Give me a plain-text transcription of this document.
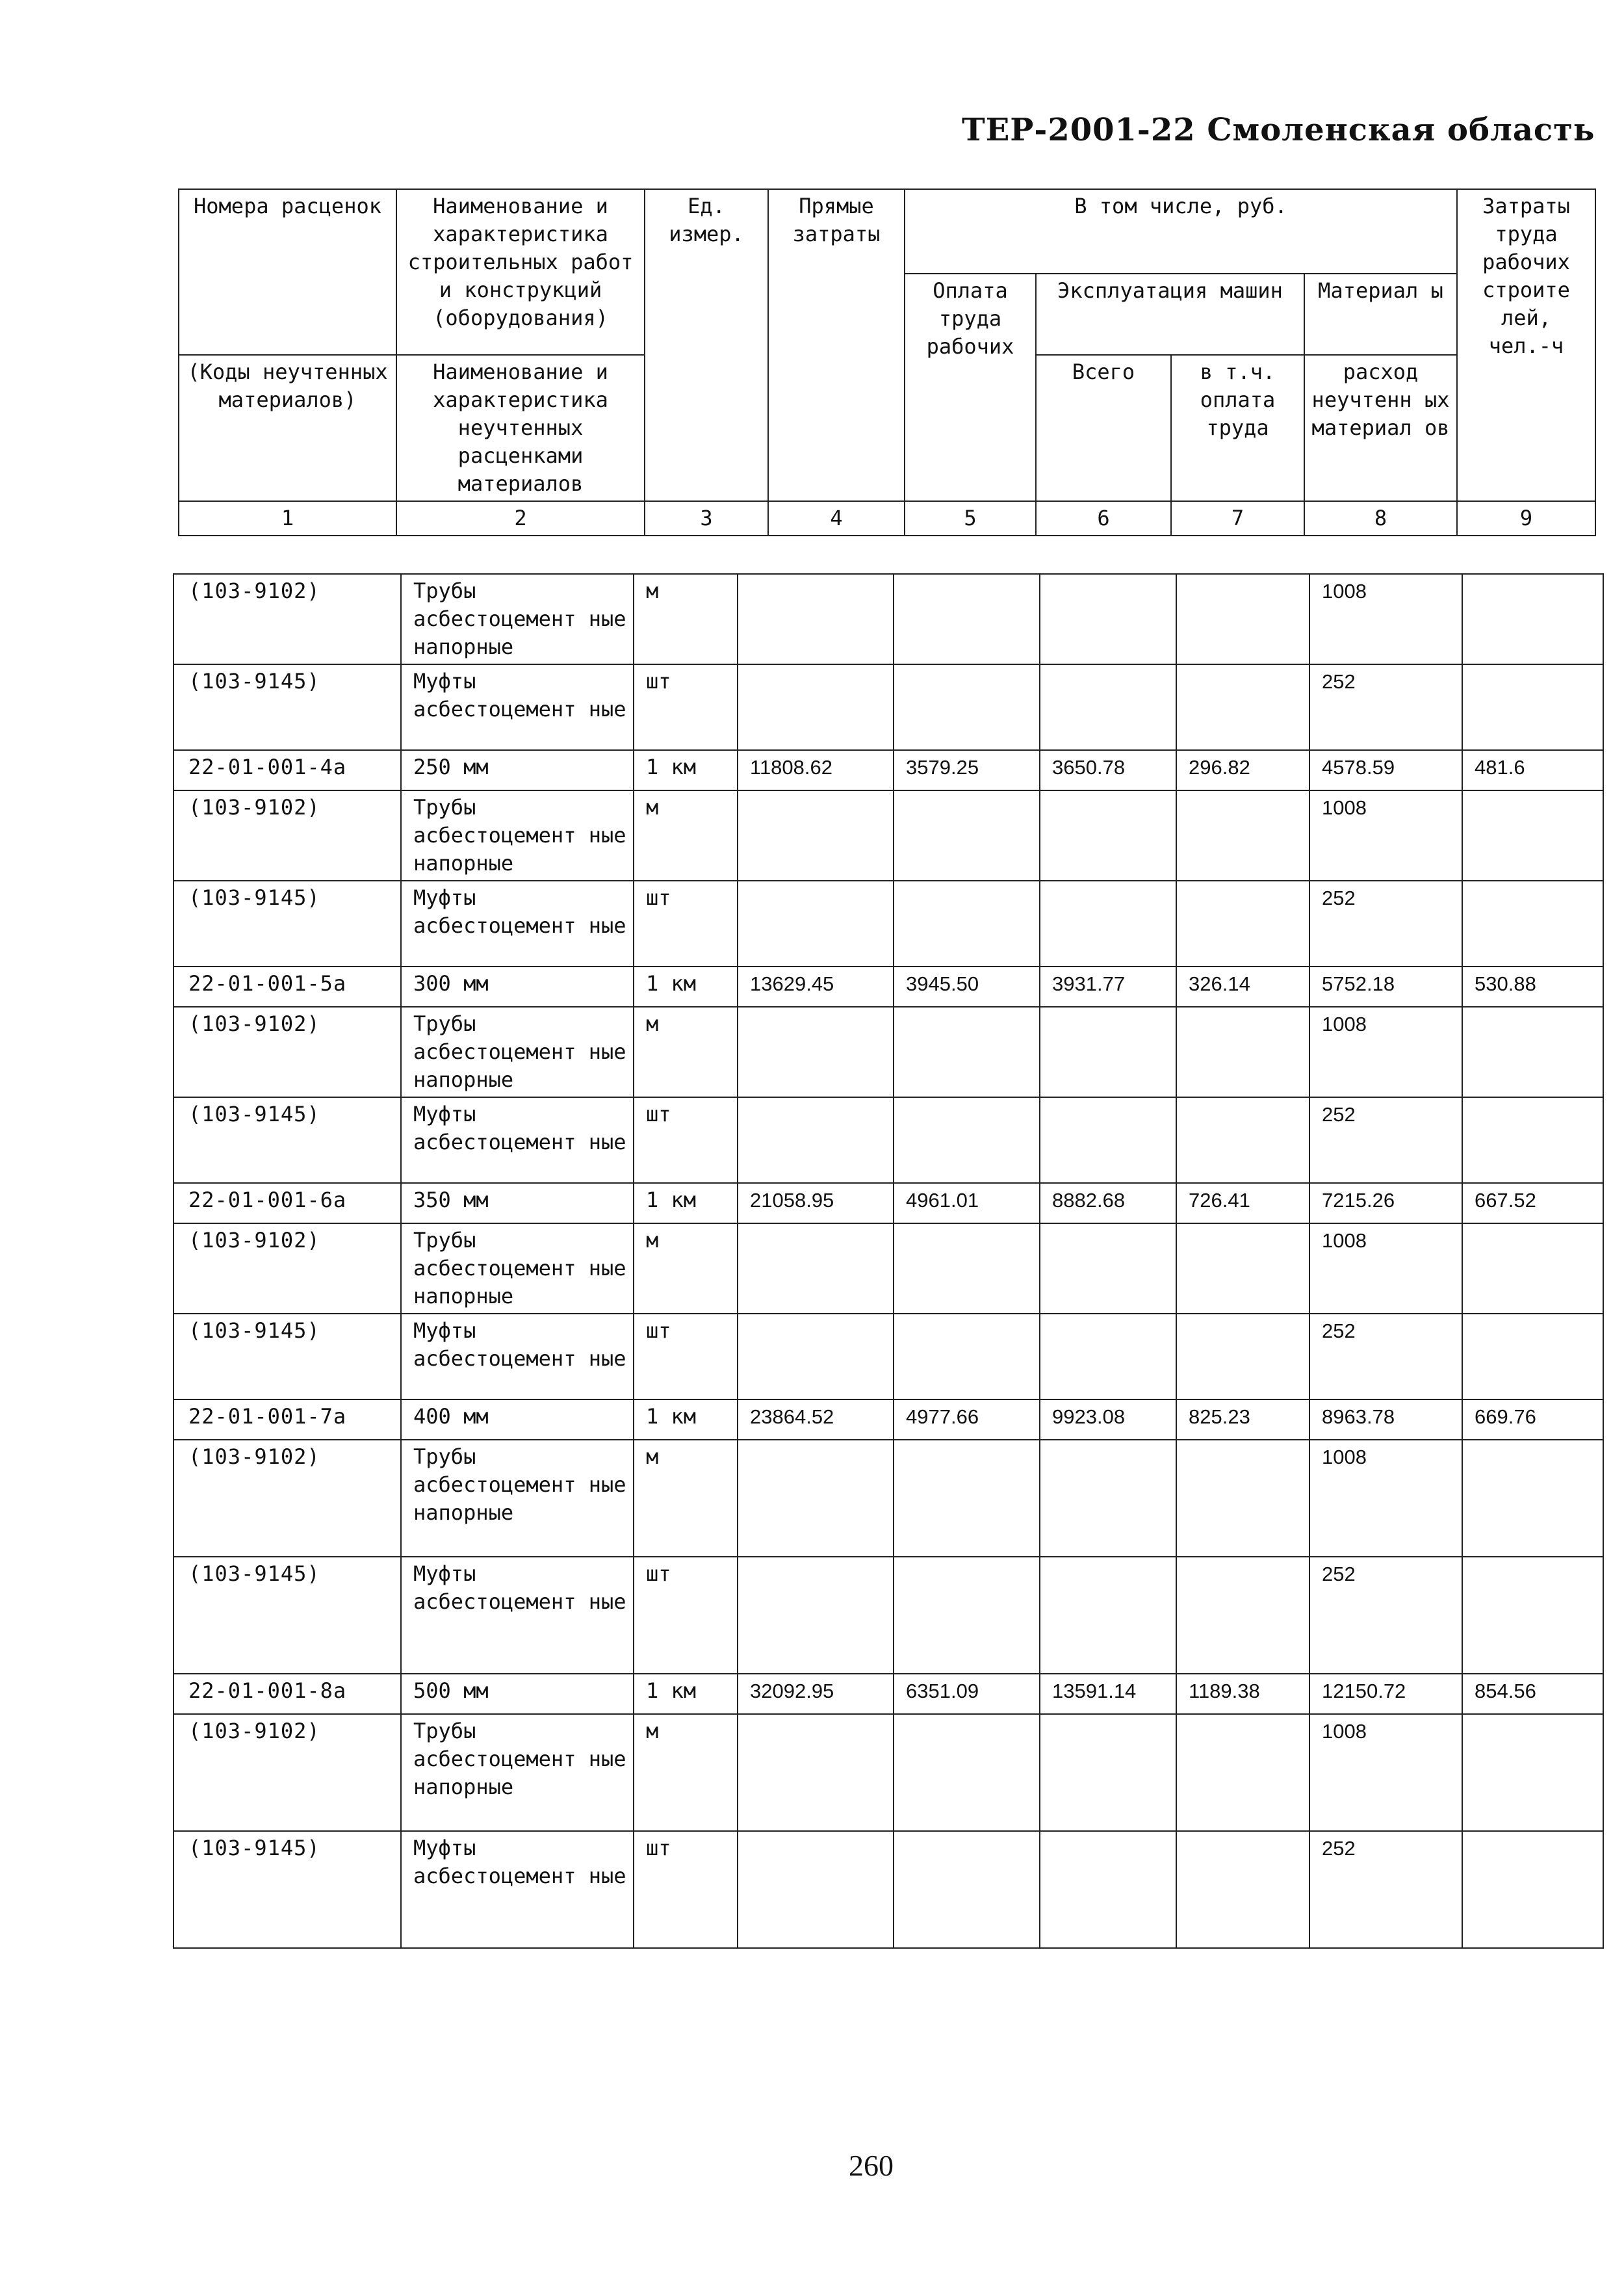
ТЕР-2001-22 Смоленская область
Номера расценок	Наименование и характеристика строительных работ и конструкций (оборудования)	Ед. измер.	Прямые затраты	В том числе, руб.				Затраты труда рабочих строите лей, чел.-ч
				Оплата труда рабочих	Эксплуатация машин		Материал ы	
(Коды неучтенных материалов)	Наименование и характеристика неучтенных расценками материалов				Всего	в т.ч. оплата труда	расход неучтенн ых материал ов	
1	2	3	4	5	6	7	8	9
(103-9102)	Трубы асбестоцемент ные напорные	м					1008	
(103-9145)	Муфты асбестоцемент ные	шт					252	
22-01-001-4а	250 мм	1 км	11808.62	3579.25	3650.78	296.82	4578.59	481.6
(103-9102)	Трубы асбестоцемент ные напорные	м					1008	
(103-9145)	Муфты асбестоцемент ные	шт					252	
22-01-001-5а	300 мм	1 км	13629.45	3945.50	3931.77	326.14	5752.18	530.88
(103-9102)	Трубы асбестоцемент ные напорные	м					1008	
(103-9145)	Муфты асбестоцемент ные	шт					252	
22-01-001-6а	350 мм	1 км	21058.95	4961.01	8882.68	726.41	7215.26	667.52
(103-9102)	Трубы асбестоцемент ные напорные	м					1008	
(103-9145)	Муфты асбестоцемент ные	шт					252	
22-01-001-7а	400 мм	1 км	23864.52	4977.66	9923.08	825.23	8963.78	669.76
(103-9102)	Трубы асбестоцемент ные напорные	м					1008	
(103-9145)	Муфты асбестоцемент ные	шт					252	
22-01-001-8а	500 мм	1 км	32092.95	6351.09	13591.14	1189.38	12150.72	854.56
(103-9102)	Трубы асбестоцемент ные напорные	м					1008	
(103-9145)	Муфты асбестоцемент ные	шт					252	
260
